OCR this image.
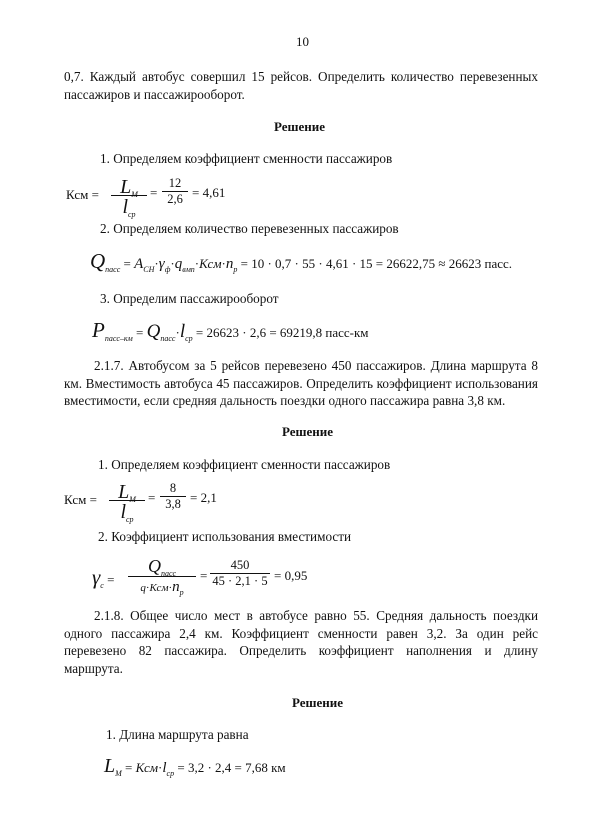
10
0,7. Каждый автобус совершил 15 рейсов. Определить количество перевезенных
пассажиров и пассажирооборот.
Решение
1. Определяем коэффициент сменности пассажиров
Ксм =	$L_М$
$l_{ср}$
= $\frac{12}{2,6} = 4,61$
2. Определяем количество перевезенных пассажиров
$Q_{пасс} = A_{CH}\cdot\gamma_ф\cdot q_{вмп}\cdot Ксм\cdot n_p = 10 \cdot 0,7 \cdot 55 \cdot 4,61 \cdot 15 = 26622,75 \approx 26623$ пасс.
3. Определим пассажирооборот
$P_{пасс-км} = Q_{пасс}\cdot l_{ср} = 26623 \cdot 2,6 = 69219,8$ пасс-км
2.1.7. Автобусом за 5 рейсов перевезено 450 пассажиров. Длина маршрута 8
км. Вместимость автобуса 45 пассажиров. Определить коэффициент использования
вместимости, если средняя дальность поездки одного пассажира равна 3,8 км.
Решение
1. Определяем коэффициент сменности пассажиров
Ксм =	$L_М$
$l_{ср}$
= $\frac{8}{3,8} = 2,1$
2. Коэффициент использования вместимости
$\gamma_с$ =
$Q_{пасс}$
$q\cdot Ксм\cdot n_p$
= $\frac{450}{45 \cdot 2,1 \cdot 5} = 0,95$
2.1.8. Общее число мест в автобусе равно 55. Средняя дальность поездки
одного пассажира 2,4 км. Коэффициент сменности равен 3,2. За один рейс
перевезено 82 пассажира. Определить коэффициент наполнения и длину
маршрута.
Решение
1. Длина маршрута равна
$L_М = Ксм\cdot l_{ср} = 3,2 \cdot 2,4 = 7,68$ км
